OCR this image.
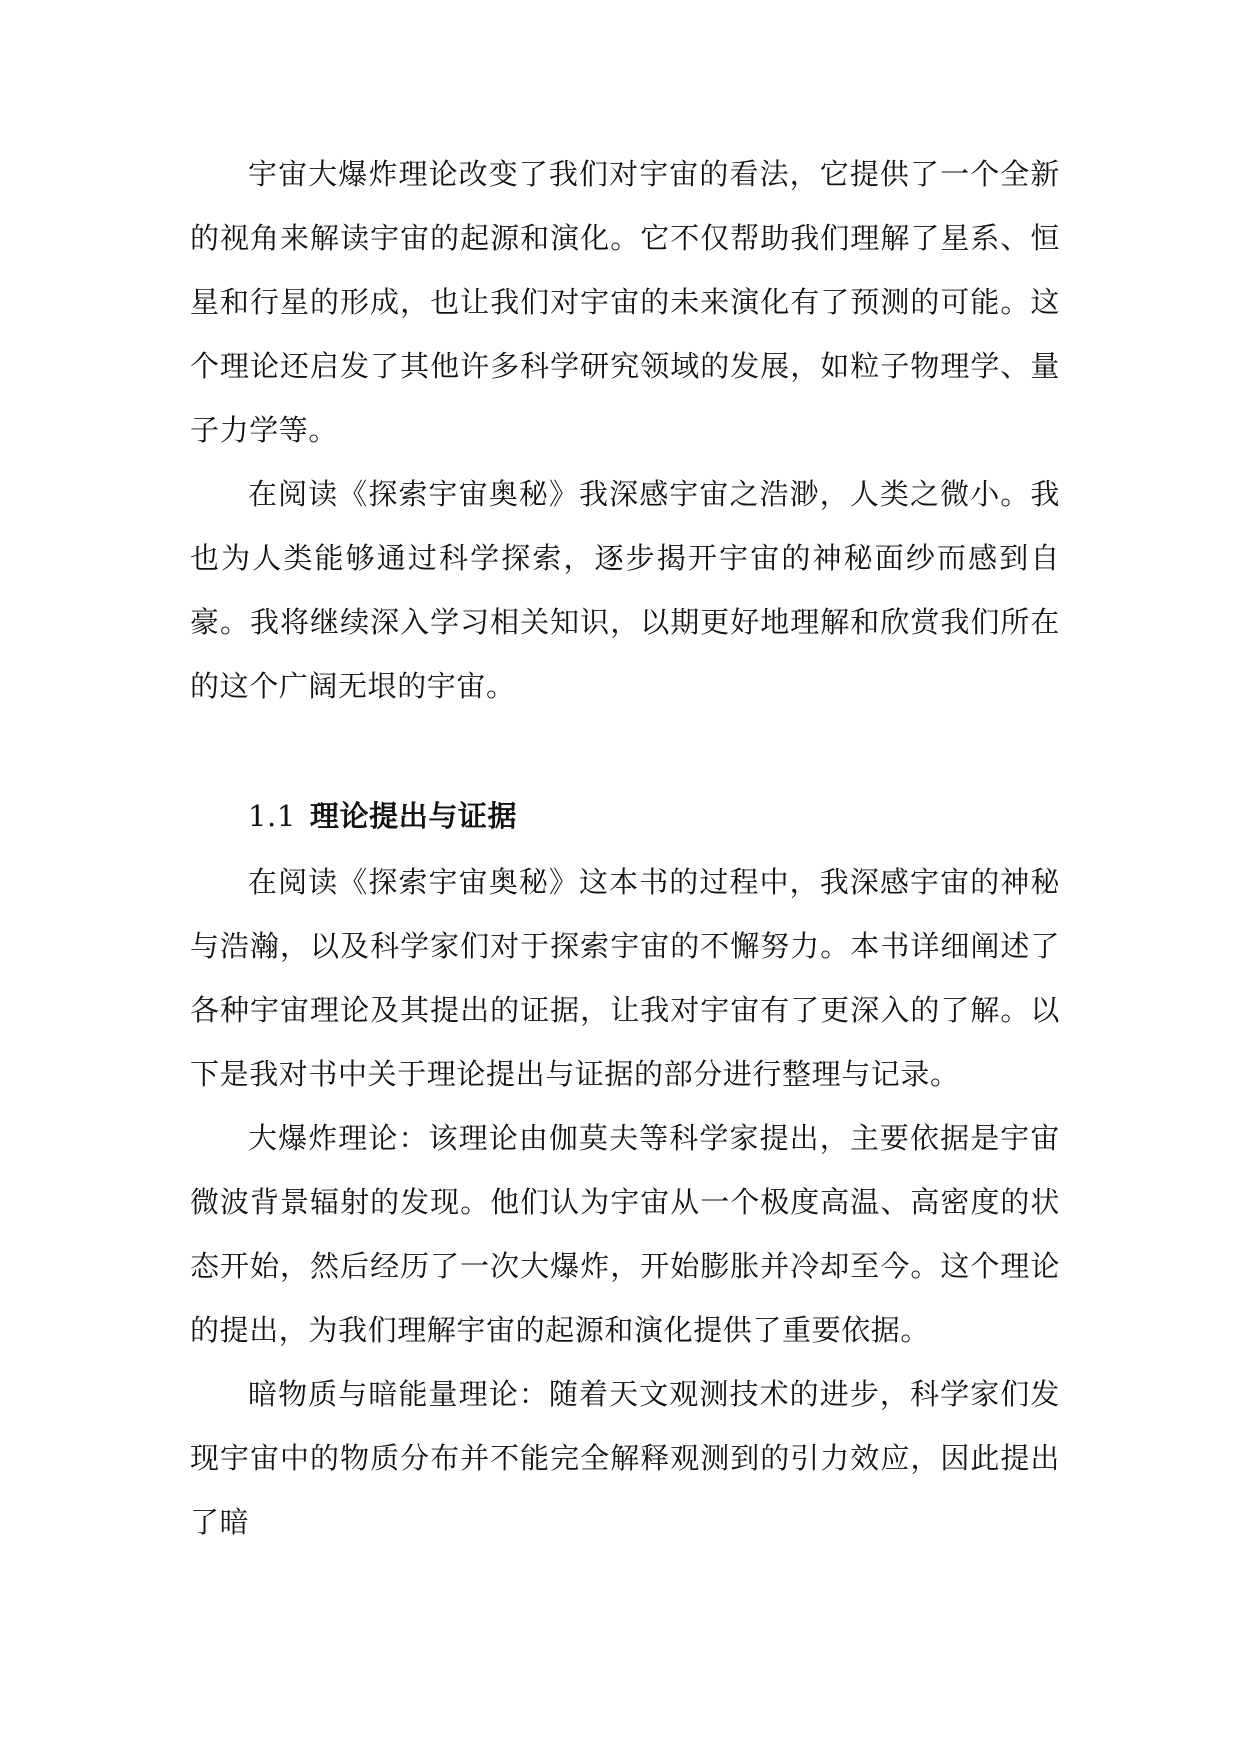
宇宙大爆炸理论改变了我们对宇宙的看法，它提供了一个全新的视角来解读宇宙的起源和演化。它不仅帮助我们理解了星系、恒星和行星的形成，也让我们对宇宙的未来演化有了预测的可能。这个理论还启发了其他许多科学研究领域的发展，如粒子物理学、量子力学等。

在阅读《探索宇宙奥秘》我深感宇宙之浩渺，人类之微小。我也为人类能够通过科学探索，逐步揭开宇宙的神秘面纱而感到自豪。我将继续深入学习相关知识，以期更好地理解和欣赏我们所在的这个广阔无垠的宇宙。

1.1 理论提出与证据

在阅读《探索宇宙奥秘》这本书的过程中，我深感宇宙的神秘与浩瀚，以及科学家们对于探索宇宙的不懈努力。本书详细阐述了各种宇宙理论及其提出的证据，让我对宇宙有了更深入的了解。以下是我对书中关于理论提出与证据的部分进行整理与记录。

大爆炸理论：该理论由伽莫夫等科学家提出，主要依据是宇宙微波背景辐射的发现。他们认为宇宙从一个极度高温、高密度的状态开始，然后经历了一次大爆炸，开始膨胀并冷却至今。这个理论的提出，为我们理解宇宙的起源和演化提供了重要依据。

暗物质与暗能量理论：随着天文观测技术的进步，科学家们发现宇宙中的物质分布并不能完全解释观测到的引力效应，因此提出了暗
